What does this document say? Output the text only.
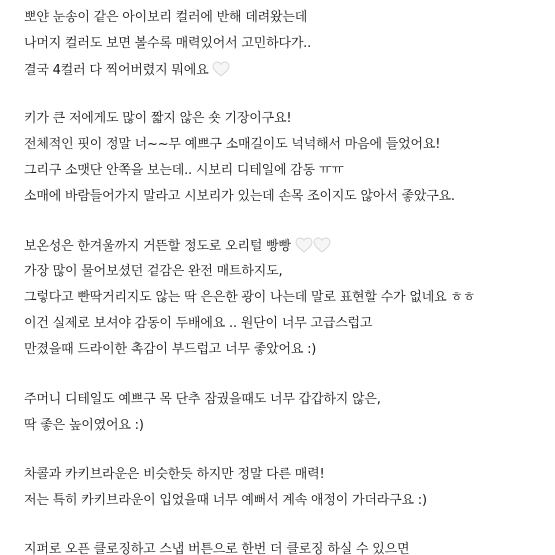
뽀얀 눈송이 같은 아이보리 컬러에 반해 데려왔는데
나머지 컬러도 보면 볼수록 매력있어서 고민하다가..
결국 4컬러 다 찍어버렸지 뭐에요
키가 큰 저에게도 많이 짧지 않은 숏 기장이구요!
전체적인 핏이 정말 너~~무 예쁘구 소매길이도 넉넉해서 마음에 들었어요!
그리구 소맷단 안쪽을 보는데.. 시보리 디테일에 감동 ㅠㅠ
소매에 바람들어가지 말라고 시보리가 있는데 손목 조이지도 않아서 좋았구요.
보온성은 한겨울까지 거뜬할 정도로 오리털 빵빵
가장 많이 물어보셨던 겉감은 완전 매트하지도,
그렇다고 빤딱거리지도 않는 딱 은은한 광이 나는데 말로 표현할 수가 없네요 ㅎㅎ
이건 실제로 보셔야 감동이 두배에요 .. 원단이 너무 고급스럽고
만졌을때 드라이한 촉감이 부드럽고 너무 좋았어요 :)
주머니 디테일도 예쁘구 목 단추 잠궜을때도 너무 갑갑하지 않은,
딱 좋은 높이였어요 :)
차콜과 카키브라운은 비슷한듯 하지만 정말 다른 매력!
저는 특히 카키브라운이 입었을때 너무 예뻐서 계속 애정이 가더라구요 :)
지퍼로 오픈 클로징하고 스냅 버튼으로 한번 더 클로징 하실 수 있으면
